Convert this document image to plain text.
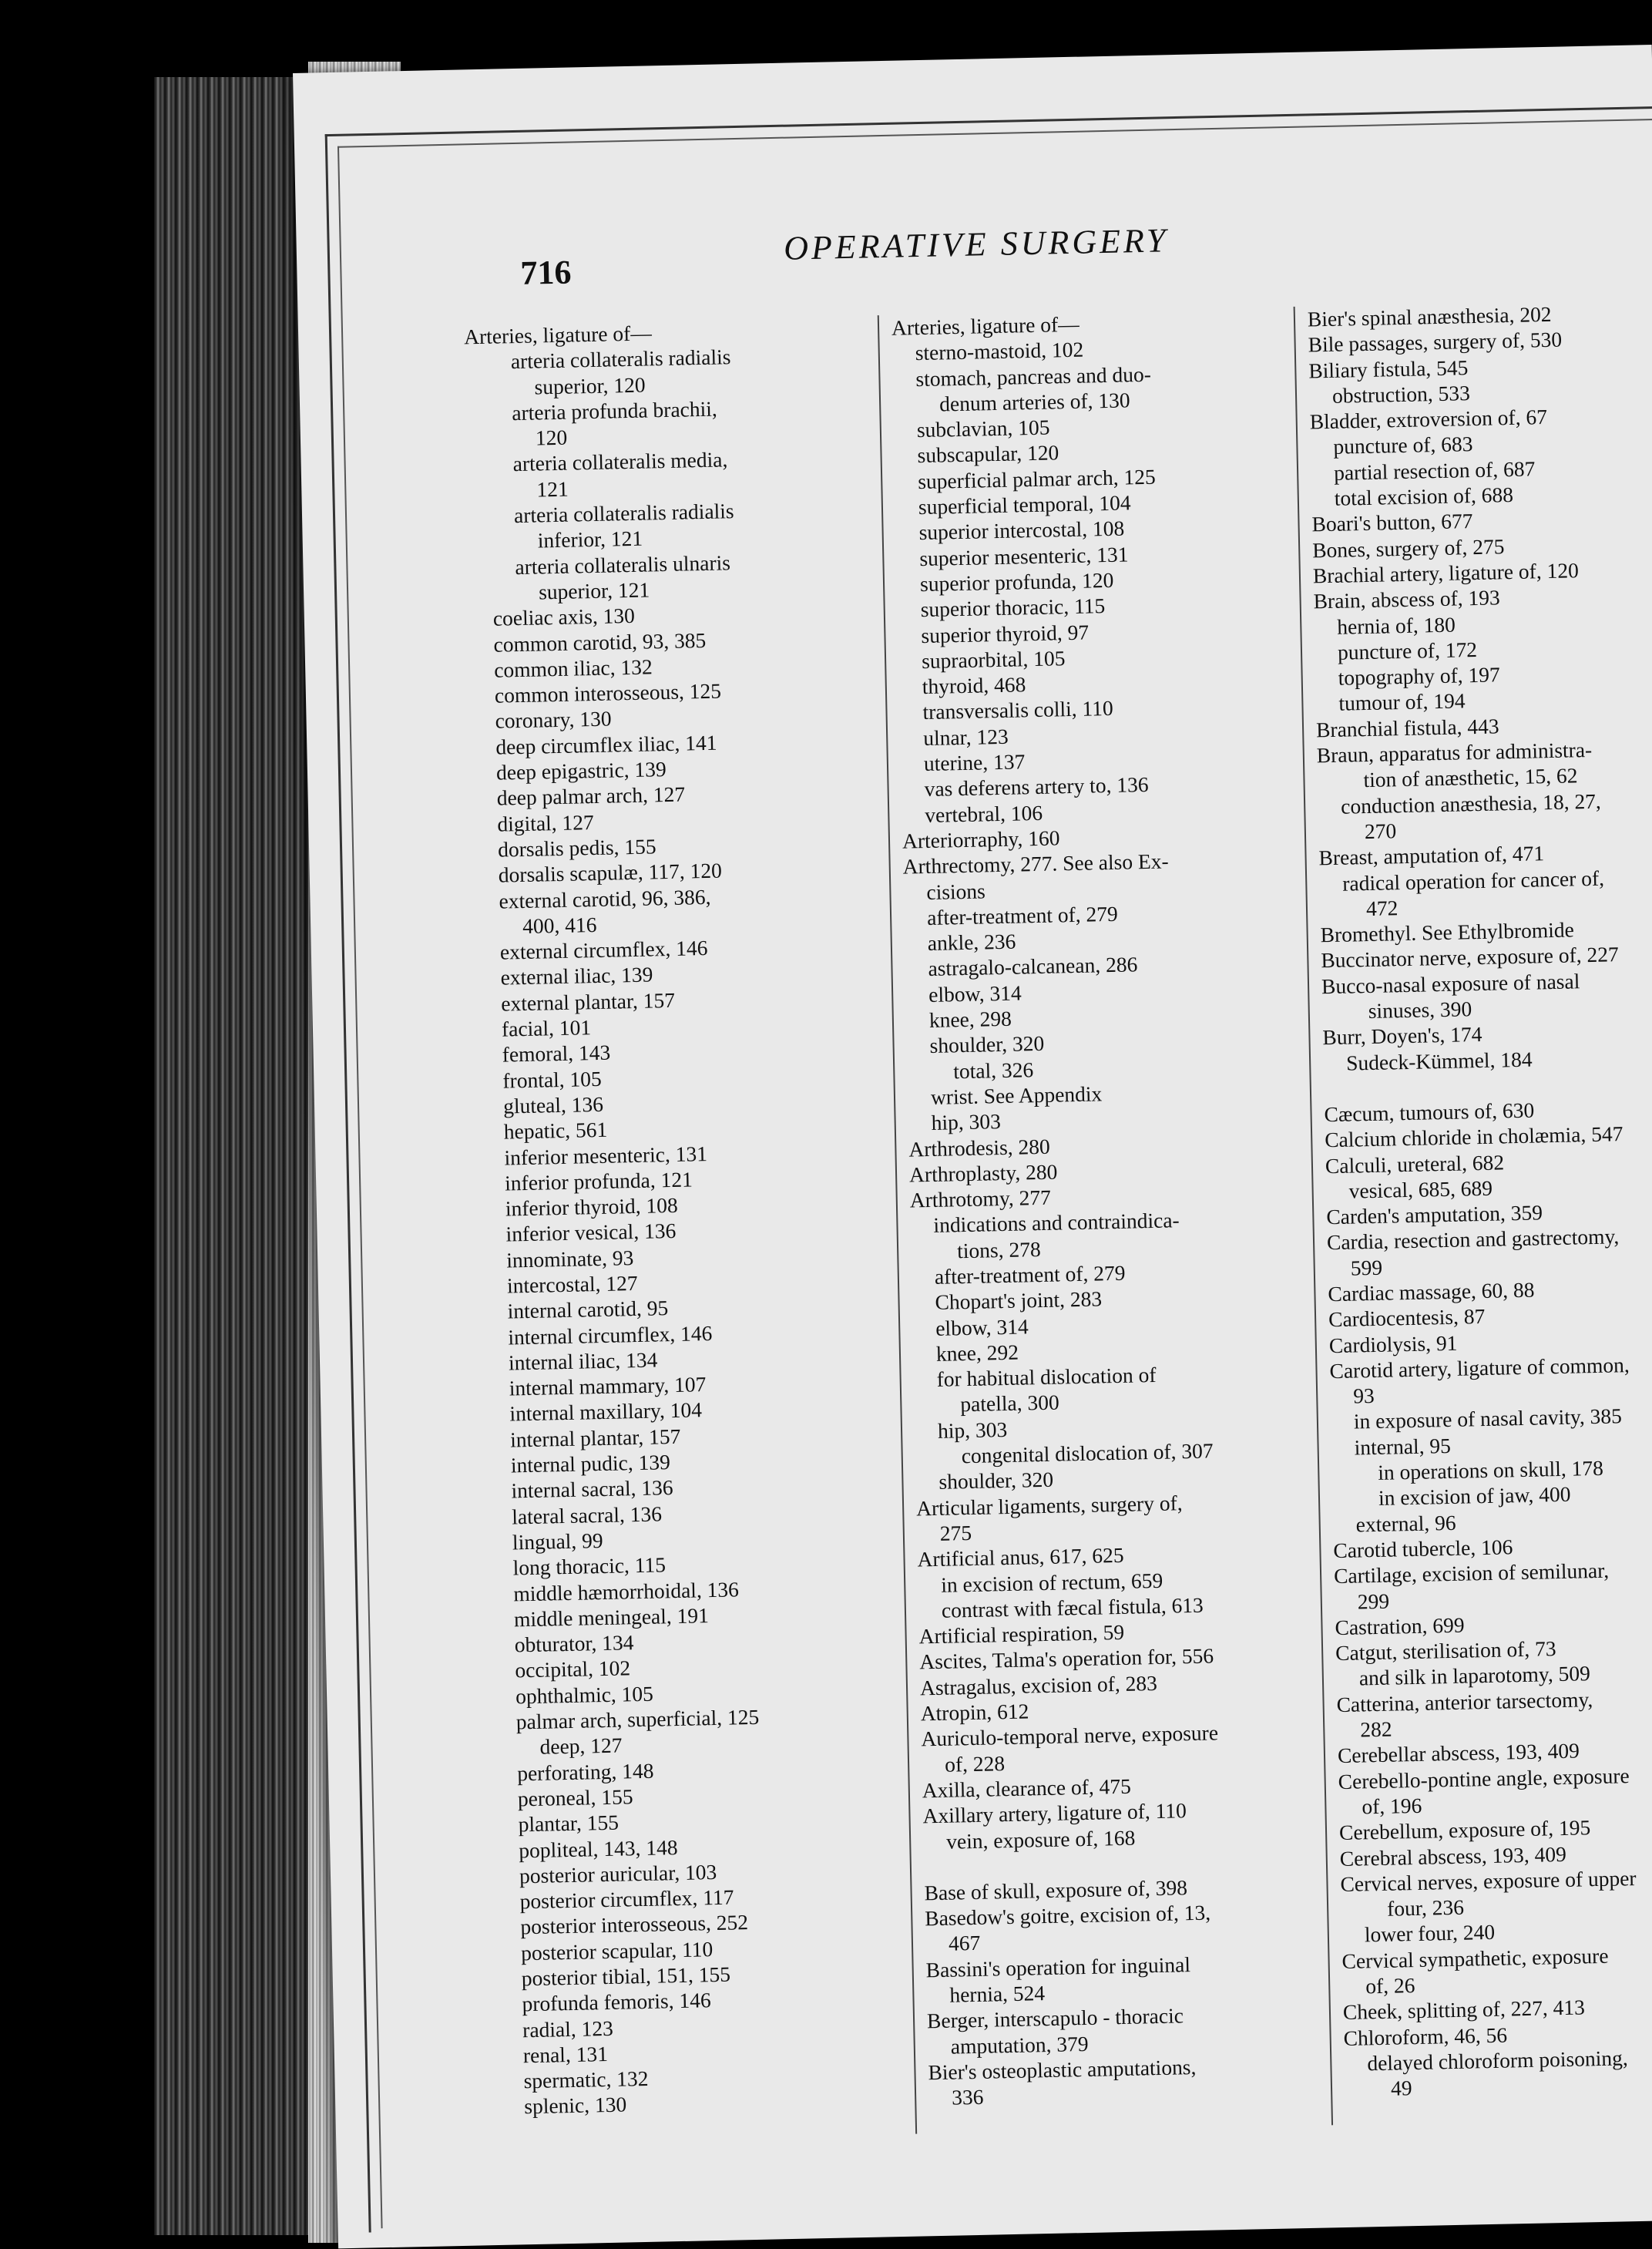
716
OPERATIVE SURGERY
Arteries, ligature of—
arteria collateralis radialis
superior, 120
arteria profunda brachii,
120
arteria collateralis media,
121
arteria collateralis radialis
inferior, 121
arteria collateralis ulnaris
superior, 121
coeliac axis, 130
common carotid, 93, 385
common iliac, 132
common interosseous, 125
coronary, 130
deep circumflex iliac, 141
deep epigastric, 139
deep palmar arch, 127
digital, 127
dorsalis pedis, 155
dorsalis scapulæ, 117, 120
external carotid, 96, 386,
400, 416
external circumflex, 146
external iliac, 139
external plantar, 157
facial, 101
femoral, 143
frontal, 105
gluteal, 136
hepatic, 561
inferior mesenteric, 131
inferior profunda, 121
inferior thyroid, 108
inferior vesical, 136
innominate, 93
intercostal, 127
internal carotid, 95
internal circumflex, 146
internal iliac, 134
internal mammary, 107
internal maxillary, 104
internal plantar, 157
internal pudic, 139
internal sacral, 136
lateral sacral, 136
lingual, 99
long thoracic, 115
middle hæmorrhoidal, 136
middle meningeal, 191
obturator, 134
occipital, 102
ophthalmic, 105
palmar arch, superficial, 125
deep, 127
perforating, 148
peroneal, 155
plantar, 155
popliteal, 143, 148
posterior auricular, 103
posterior circumflex, 117
posterior interosseous, 252
posterior scapular, 110
posterior tibial, 151, 155
profunda femoris, 146
radial, 123
renal, 131
spermatic, 132
splenic, 130
Arteries, ligature of—
sterno-mastoid, 102
stomach, pancreas and duo-
denum arteries of, 130
subclavian, 105
subscapular, 120
superficial palmar arch, 125
superficial temporal, 104
superior intercostal, 108
superior mesenteric, 131
superior profunda, 120
superior thoracic, 115
superior thyroid, 97
supraorbital, 105
thyroid, 468
transversalis colli, 110
ulnar, 123
uterine, 137
vas deferens artery to, 136
vertebral, 106
Arteriorraphy, 160
Arthrectomy, 277. See also Ex-
cisions
after-treatment of, 279
ankle, 236
astragalo-calcanean, 286
elbow, 314
knee, 298
shoulder, 320
total, 326
wrist. See Appendix
hip, 303
Arthrodesis, 280
Arthroplasty, 280
Arthrotomy, 277
indications and contraindica-
tions, 278
after-treatment of, 279
Chopart's joint, 283
elbow, 314
knee, 292
for habitual dislocation of
patella, 300
hip, 303
congenital dislocation of, 307
shoulder, 320
Articular ligaments, surgery of,
275
Artificial anus, 617, 625
in excision of rectum, 659
contrast with fæcal fistula, 613
Artificial respiration, 59
Ascites, Talma's operation for, 556
Astragalus, excision of, 283
Atropin, 612
Auriculo-temporal nerve, exposure
of, 228
Axilla, clearance of, 475
Axillary artery, ligature of, 110
vein, exposure of, 168
Base of skull, exposure of, 398
Basedow's goitre, excision of, 13,
467
Bassini's operation for inguinal
hernia, 524
Berger, interscapulo - thoracic
amputation, 379
Bier's osteoplastic amputations,
336
Bier's spinal anæsthesia, 202
Bile passages, surgery of, 530
Biliary fistula, 545
obstruction, 533
Bladder, extroversion of, 67
puncture of, 683
partial resection of, 687
total excision of, 688
Boari's button, 677
Bones, surgery of, 275
Brachial artery, ligature of, 120
Brain, abscess of, 193
hernia of, 180
puncture of, 172
topography of, 197
tumour of, 194
Branchial fistula, 443
Braun, apparatus for administra-
tion of anæsthetic, 15, 62
conduction anæsthesia, 18, 27,
270
Breast, amputation of, 471
radical operation for cancer of,
472
Bromethyl. See Ethylbromide
Buccinator nerve, exposure of, 227
Bucco-nasal exposure of nasal
sinuses, 390
Burr, Doyen's, 174
Sudeck-Kümmel, 184
Cæcum, tumours of, 630
Calcium chloride in cholæmia, 547
Calculi, ureteral, 682
vesical, 685, 689
Carden's amputation, 359
Cardia, resection and gastrectomy,
599
Cardiac massage, 60, 88
Cardiocentesis, 87
Cardiolysis, 91
Carotid artery, ligature of common,
93
in exposure of nasal cavity, 385
internal, 95
in operations on skull, 178
in excision of jaw, 400
external, 96
Carotid tubercle, 106
Cartilage, excision of semilunar,
299
Castration, 699
Catgut, sterilisation of, 73
and silk in laparotomy, 509
Catterina, anterior tarsectomy,
282
Cerebellar abscess, 193, 409
Cerebello-pontine angle, exposure
of, 196
Cerebellum, exposure of, 195
Cerebral abscess, 193, 409
Cervical nerves, exposure of upper
four, 236
lower four, 240
Cervical sympathetic, exposure
of, 26
Cheek, splitting of, 227, 413
Chloroform, 46, 56
delayed chloroform poisoning,
49
